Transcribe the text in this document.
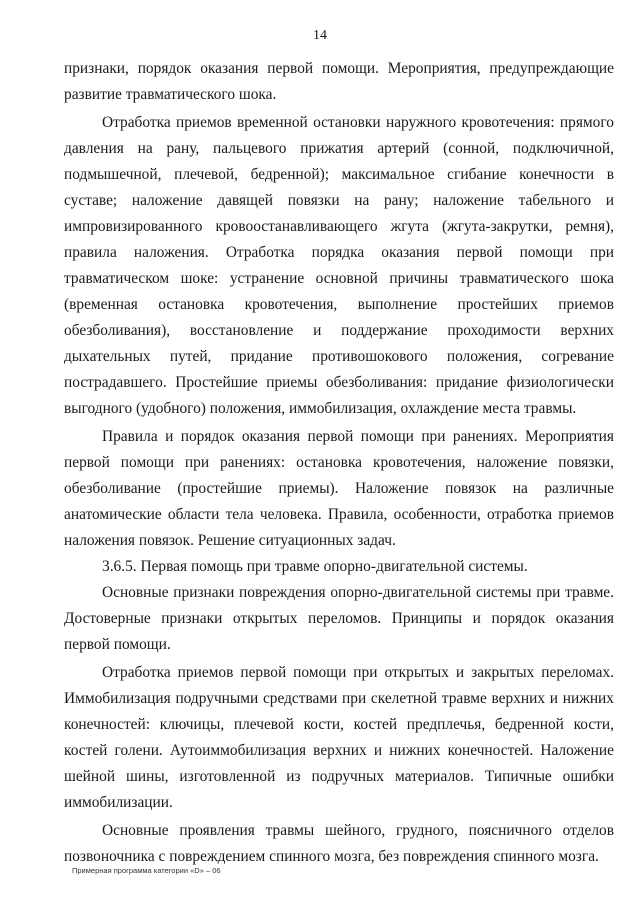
14

признаки, порядок оказания первой помощи. Мероприятия, предупреждающие развитие травматического шока.

Отработка приемов временной остановки наружного кровотечения: прямого давления на рану, пальцевого прижатия артерий (сонной, подключичной, подмышечной, плечевой, бедренной); максимальное сгибание конечности в суставе; наложение давящей повязки на рану; наложение табельного и импровизированного кровоостанавливающего жгута (жгута-закрутки, ремня), правила наложения. Отработка порядка оказания первой помощи при травматическом шоке: устранение основной причины травматического шока (временная остановка кровотечения, выполнение простейших приемов обезболивания), восстановление и поддержание проходимости верхних дыхательных путей, придание противошокового положения, согревание пострадавшего. Простейшие приемы обезболивания: придание физиологически выгодного (удобного) положения, иммобилизация, охлаждение места травмы.

Правила и порядок оказания первой помощи при ранениях. Мероприятия первой помощи при ранениях: остановка кровотечения, наложение повязки, обезболивание (простейшие приемы). Наложение повязок на различные анатомические области тела человека. Правила, особенности, отработка приемов наложения повязок. Решение ситуационных задач.

3.6.5. Первая помощь при травме опорно-двигательной системы.

Основные признаки повреждения опорно-двигательной системы при травме. Достоверные признаки открытых переломов. Принципы и порядок оказания первой помощи.

Отработка приемов первой помощи при открытых и закрытых переломах. Иммобилизация подручными средствами при скелетной травме верхних и нижних конечностей: ключицы, плечевой кости, костей предплечья, бедренной кости, костей голени. Аутоиммобилизация верхних и нижних конечностей. Наложение шейной шины, изготовленной из подручных материалов. Типичные ошибки иммобилизации.

Основные проявления травмы шейного, грудного, поясничного отделов позвоночника с повреждением спинного мозга, без повреждения спинного мозга.

Примерная программа категории «D» – 06
